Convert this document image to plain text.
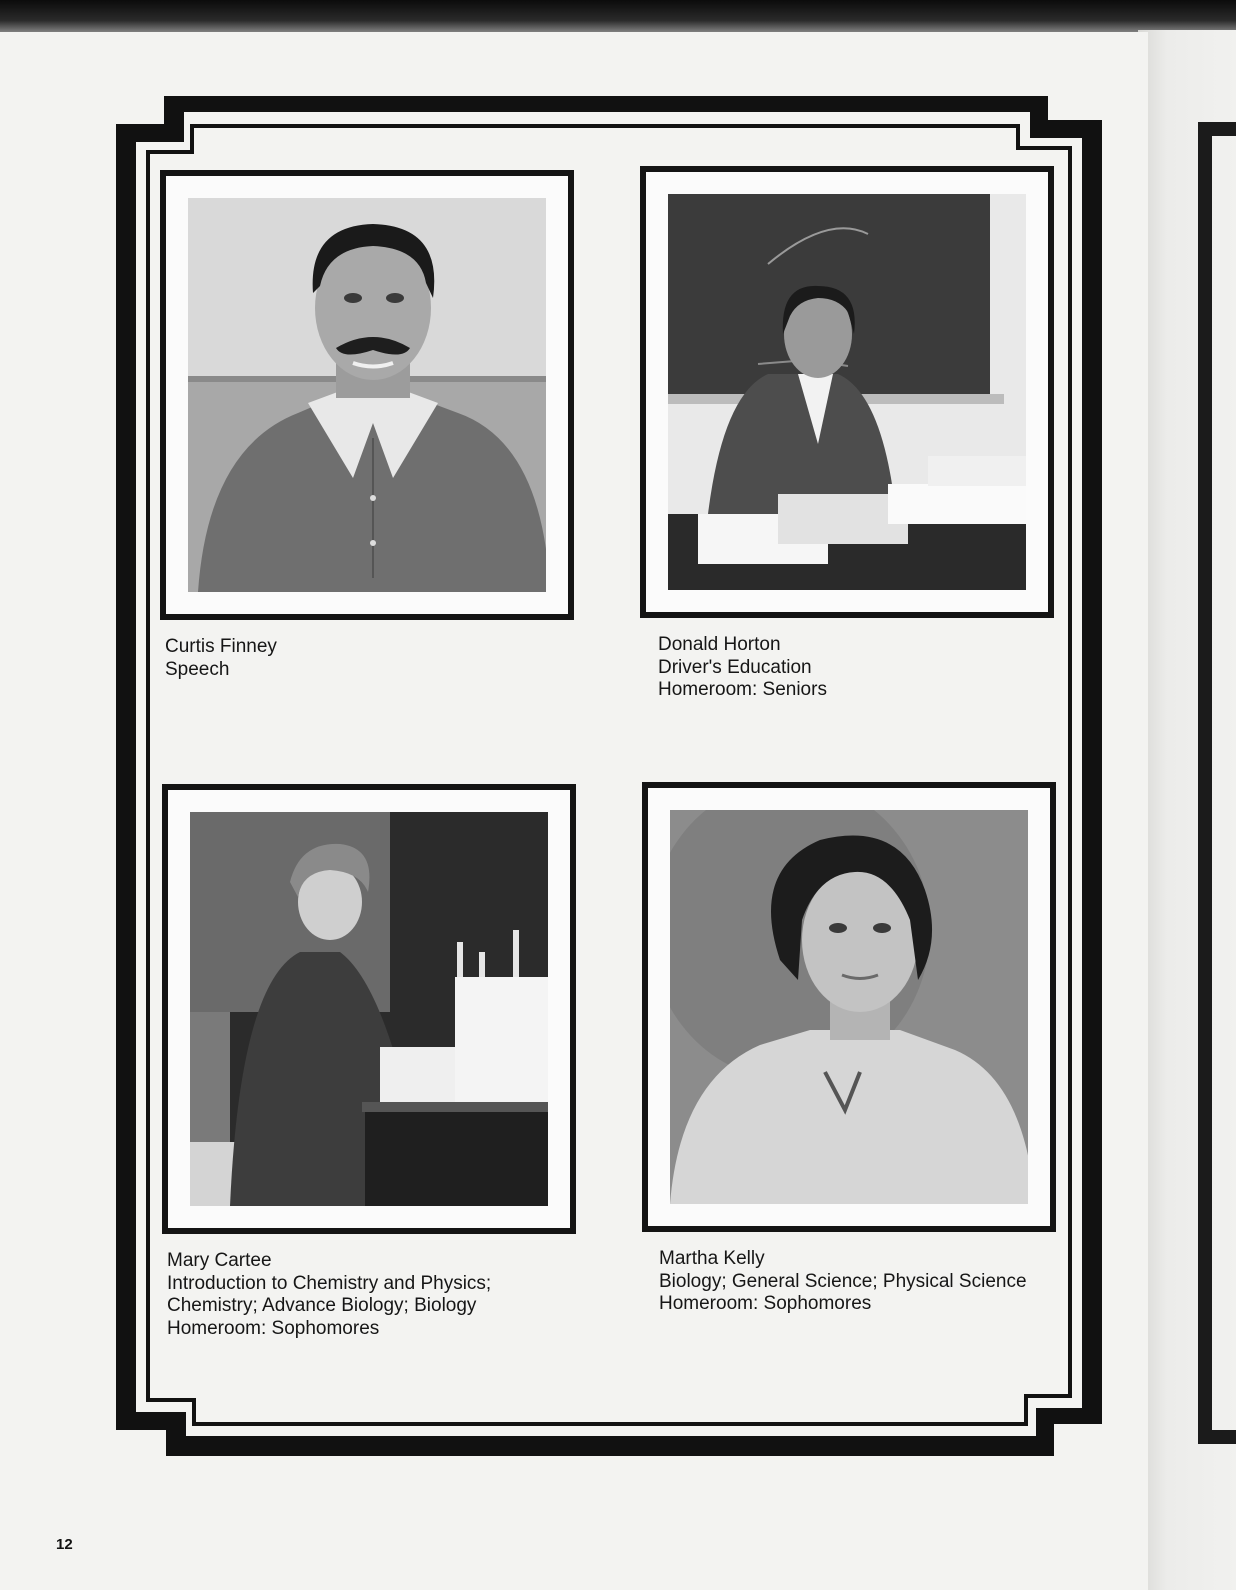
Curtis Finney
Speech
Donald Horton
Driver's Education
Homeroom: Seniors
Mary Cartee
Introduction to Chemistry and Physics;
Chemistry; Advance Biology; Biology
Homeroom: Sophomores
Martha Kelly
Biology; General Science; Physical Science
Homeroom: Sophomores
12
